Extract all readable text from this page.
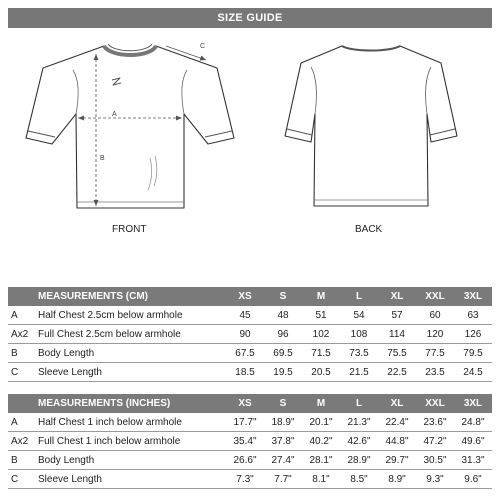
SIZE GUIDE
A
B
C
FRONT	BACK
	MEASUREMENTS (CM)	XS	S	M	L	XL	XXL	3XL
A	Half Chest 2.5cm below armhole	45	48	51	54	57	60	63
Ax2	Full Chest 2.5cm below armhole	90	96	102	108	114	120	126
B	Body Length	67.5	69.5	71.5	73.5	75.5	77.5	79.5
C	Sleeve Length	18.5	19.5	20.5	21.5	22.5	23.5	24.5
	MEASUREMENTS (INCHES)	XS	S	M	L	XL	XXL	3XL
A	Half Chest 1 inch below armhole	17.7"	18.9"	20.1"	21.3"	22.4"	23.6"	24.8"
Ax2	Full Chest 1 inch below armhole	35.4"	37.8"	40.2"	42.6"	44.8"	47.2"	49.6"
B	Body Length	26.6"	27.4"	28.1"	28.9"	29.7"	30.5"	31.3"
C	Sleeve Length	7.3"	7.7"	8.1"	8.5"	8.9"	9.3"	9.6"
